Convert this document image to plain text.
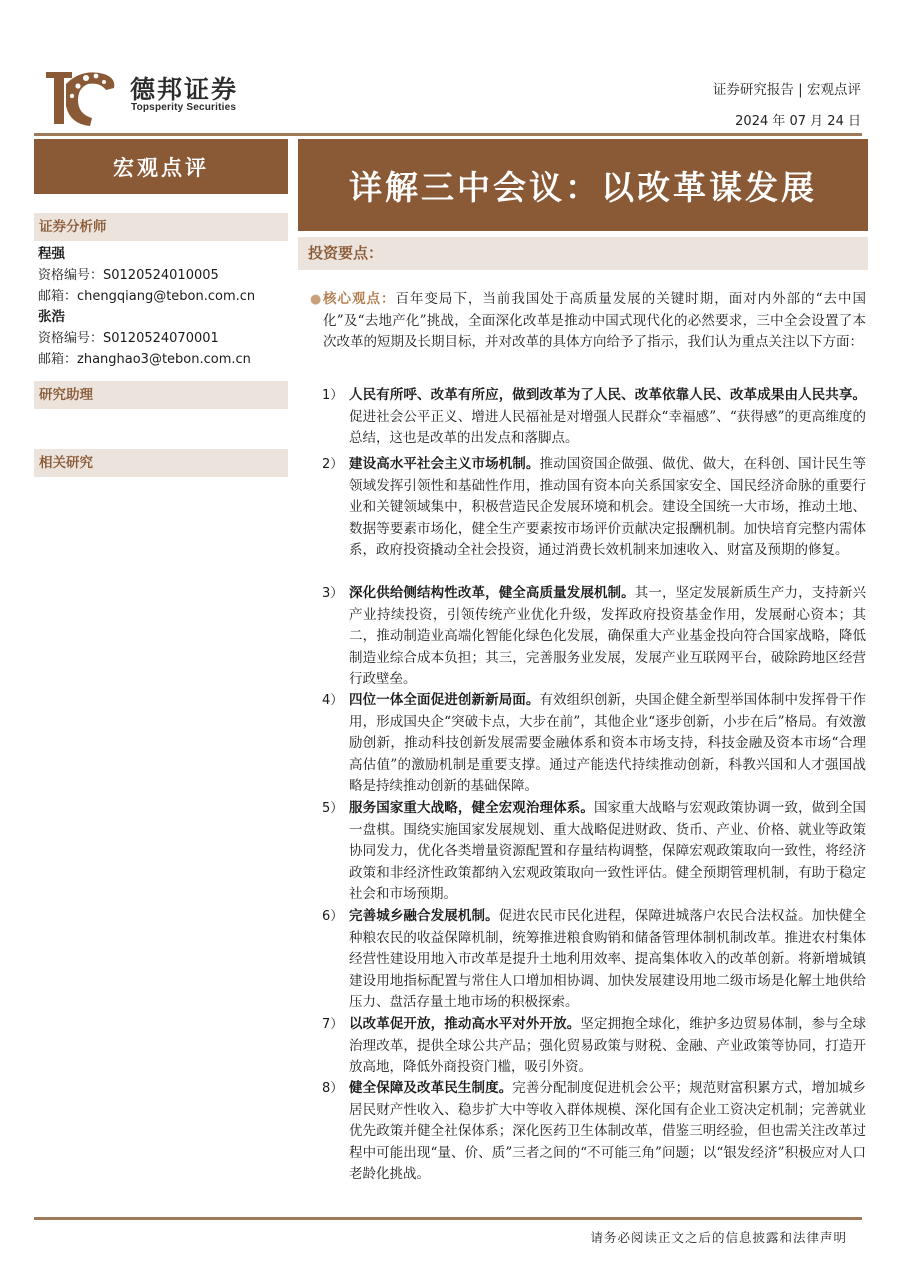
德邦证券
Topsperity Securities
证券研究报告 | 宏观点评
2024 年 07 月 24 日
宏观点评
证券分析师
程强
资格编号：S0120524010005
邮箱：chengqiang@tebon.com.cn
张浩
资格编号：S0120524070001
邮箱：zhanghao3@tebon.com.cn
研究助理
相关研究
详解三中会议：以改革谋发展
投资要点：
● 核心观点：百年变局下，当前我国处于高质量发展的关键时期，面对内外部的“去中国化”及“去地产化”挑战，全面深化改革是推动中国式现代化的必然要求，三中全会设置了本次改革的短期及长期目标，并对改革的具体方向给予了指示，我们认为重点关注以下方面：
1） 人民有所呼、改革有所应，做到改革为了人民、改革依靠人民、改革成果由人民共享。促进社会公平正义、增进人民福祉是对增强人民群众“幸福感”、“获得感”的更高维度的总结，这也是改革的出发点和落脚点。
2） 建设高水平社会主义市场机制。推动国资国企做强、做优、做大，在科创、国计民生等领域发挥引领性和基础性作用，推动国有资本向关系国家安全、国民经济命脉的重要行业和关键领域集中，积极营造民企发展环境和机会。建设全国统一大市场，推动土地、数据等要素市场化，健全生产要素按市场评价贡献决定报酬机制。加快培育完整内需体系，政府投资撬动全社会投资，通过消费长效机制来加速收入、财富及预期的修复。
3） 深化供给侧结构性改革，健全高质量发展机制。其一，坚定发展新质生产力，支持新兴产业持续投资，引领传统产业优化升级，发挥政府投资基金作用，发展耐心资本；其二，推动制造业高端化智能化绿色化发展，确保重大产业基金投向符合国家战略，降低制造业综合成本负担；其三，完善服务业发展，发展产业互联网平台，破除跨地区经营行政壁垒。
4） 四位一体全面促进创新新局面。有效组织创新，央国企健全新型举国体制中发挥骨干作用，形成国央企“突破卡点，大步在前”，其他企业“逐步创新，小步在后”格局。有效激励创新，推动科技创新发展需要金融体系和资本市场支持，科技金融及资本市场“合理高估值”的激励机制是重要支撑。通过产能迭代持续推动创新，科教兴国和人才强国战略是持续推动创新的基础保障。
5） 服务国家重大战略，健全宏观治理体系。国家重大战略与宏观政策协调一致，做到全国一盘棋。围绕实施国家发展规划、重大战略促进财政、货币、产业、价格、就业等政策协同发力，优化各类增量资源配置和存量结构调整，保障宏观政策取向一致性，将经济政策和非经济性政策都纳入宏观政策取向一致性评估。健全预期管理机制，有助于稳定社会和市场预期。
6） 完善城乡融合发展机制。促进农民市民化进程，保障进城落户农民合法权益。加快健全种粮农民的收益保障机制，统筹推进粮食购销和储备管理体制机制改革。推进农村集体经营性建设用地入市改革是提升土地利用效率、提高集体收入的改革创新。将新增城镇建设用地指标配置与常住人口增加相协调、加快发展建设用地二级市场是化解土地供给压力、盘活存量土地市场的积极探索。
7） 以改革促开放，推动高水平对外开放。坚定拥抱全球化，维护多边贸易体制，参与全球治理改革，提供全球公共产品；强化贸易政策与财税、金融、产业政策等协同，打造开放高地，降低外商投资门槛，吸引外资。
8） 健全保障及改革民生制度。完善分配制度促进机会公平；规范财富积累方式，增加城乡居民财产性收入、稳步扩大中等收入群体规模、深化国有企业工资决定机制；完善就业优先政策并健全社保体系；深化医药卫生体制改革，借鉴三明经验，但也需关注改革过程中可能出现“量、价、质”三者之间的“不可能三角”问题；以“银发经济”积极应对人口老龄化挑战。
请务必阅读正文之后的信息披露和法律声明
